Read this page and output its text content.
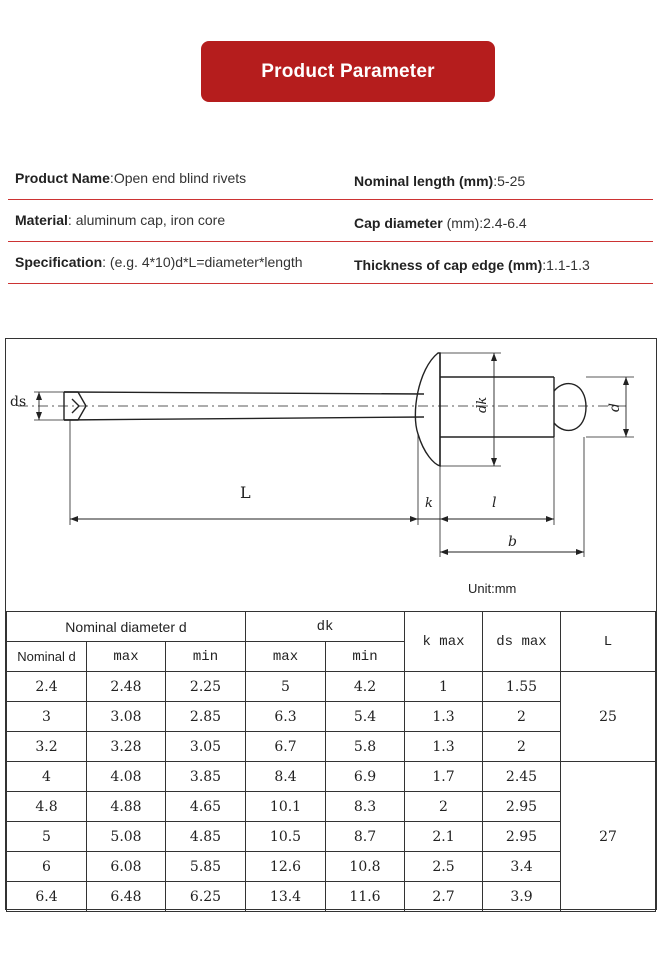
Product Parameter
Product Name:Open end blind rivets	Nominal length (mm):5-25
Material: aluminum cap, iron core	Cap diameter (mm):2.4-6.4
Specification: (e.g. 4*10)d*L=diameter*length	Thickness of cap edge (mm):1.1-1.3
ds
L
k	l
b
dk	d
Unit:mm
Nominal diameter d			dk		k max	ds max	L
Nominal d	max	min	max	min			
2.4	2.48	2.25	5	4.2	1	1.55	25
3	3.08	2.85	6.3	5.4	1.3	2	
3.2	3.28	3.05	6.7	5.8	1.3	2	
4	4.08	3.85	8.4	6.9	1.7	2.45	27
4.8	4.88	4.65	10.1	8.3	2	2.95	
5	5.08	4.85	10.5	8.7	2.1	2.95	
6	6.08	5.85	12.6	10.8	2.5	3.4	
6.4	6.48	6.25	13.4	11.6	2.7	3.9	
